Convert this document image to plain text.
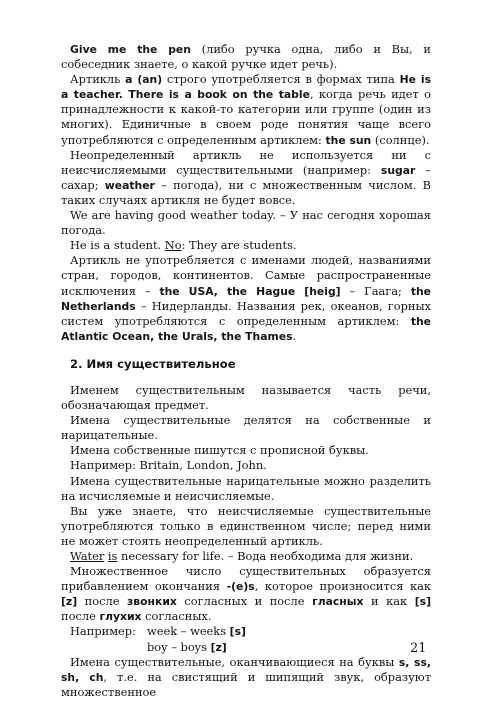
Give me the pen (либо ручка одна, либо и Вы, и собеседник знаете, о какой ручке идет речь).

Артикль a (an) строго употребляется в формах типа He is a teacher. There is a book on the table, когда речь идет о принадлежности к какой-то категории или группе (один из многих). Единичные в своем роде понятия чаще всего употребляются с определенным артиклем: the sun (солнце).

Неопределенный артикль не используется ни с неисчисляемыми существительными (например: sugar – сахар; weather – погода), ни с множественным числом. В таких случаях артикля не будет вовсе.

We are having good weather today. – У нас сегодня хорошая погода.

He is a student. No: They are students.

Артикль не употребляется с именами людей, названиями стран, городов, континентов. Самые распространенные исключения – the USA, the Hague [heig] – Гаага; the Netherlands – Нидерланды. Названия рек, океанов, горных систем употребляются с определенным артиклем: the Atlantic Ocean, the Urals, the Thames.

2. Имя существительное

Именем существительным называется часть речи, обозначающая предмет.

Имена существительные делятся на собственные и нарицательные.

Имена собственные пишутся с прописной буквы.

Например: Britain, London, John.

Имена существительные нарицательные можно разделить на исчисляемые и неисчисляемые.

Вы уже знаете, что неисчисляемые существительные употребляются только в единственном числе; перед ними не может стоять неопределенный артикль.

Water is necessary for life. – Вода необходима для жизни.

Множественное число существительных образуется прибавлением окончания -(e)s, которое произносится как [z] после звонких согласных и после гласных и как [s] после глухих согласных.

Например: week – weeks [s]
boy – boys [z]

Имена существительные, оканчивающиеся на буквы s, ss, sh, ch, т.е. на свистящий и шипящий звук, образуют множественное

21
